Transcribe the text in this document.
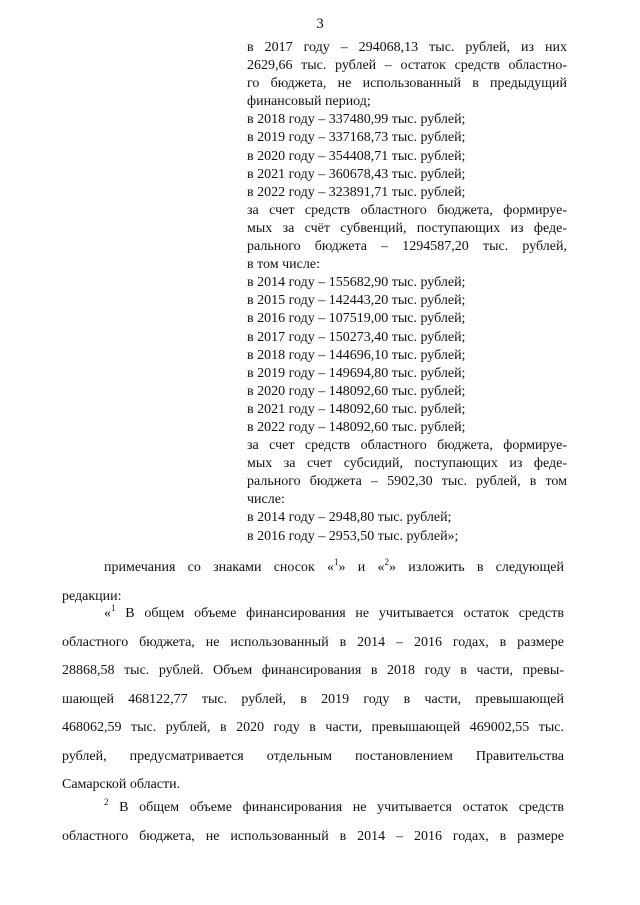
3
в 2017 году – 294068,13 тыс. рублей, из них
2629,66 тыс. рублей – остаток средств областно-
го бюджета, не использованный в предыдущий
финансовый период;
в 2018 году – 337480,99 тыс. рублей;
в 2019 году – 337168,73 тыс. рублей;
в 2020 году – 354408,71 тыс. рублей;
в 2021 году – 360678,43 тыс. рублей;
в 2022 году – 323891,71 тыс. рублей;
за счет средств областного бюджета, формируе-
мых за счёт субвенций, поступающих из феде-
рального бюджета – 1294587,20 тыс. рублей,
в том числе:
в 2014 году – 155682,90 тыс. рублей;
в 2015 году – 142443,20 тыс. рублей;
в 2016 году – 107519,00 тыс. рублей;
в 2017 году – 150273,40 тыс. рублей;
в 2018 году – 144696,10 тыс. рублей;
в 2019 году – 149694,80 тыс. рублей;
в 2020 году – 148092,60 тыс. рублей;
в 2021 году – 148092,60 тыс. рублей;
в 2022 году – 148092,60 тыс. рублей;
за счет средств областного бюджета, формируе-
мых за счет субсидий, поступающих из феде-
рального бюджета – 5902,30 тыс. рублей, в том
числе:
в 2014 году – 2948,80 тыс. рублей;
в 2016 году – 2953,50 тыс. рублей»;

примечания со знаками сносок «$^1$» и «$^2$» изложить в следующей
редакции:

«$^1$ В общем объеме финансирования не учитывается остаток средств
областного бюджета, не использованный в 2014 – 2016 годах, в размере
28868,58 тыс. рублей. Объем финансирования в 2018 году в части, превы-
шающей 468122,77 тыс. рублей, в 2019 году в части, превышающей
468062,59 тыс. рублей, в 2020 году в части, превышающей 469002,55 тыс.
рублей, предусматривается отдельным постановлением Правительства
Самарской области.

$^2$ В общем объеме финансирования не учитывается остаток средств
областного бюджета, не использованный в 2014 – 2016 годах, в размере
